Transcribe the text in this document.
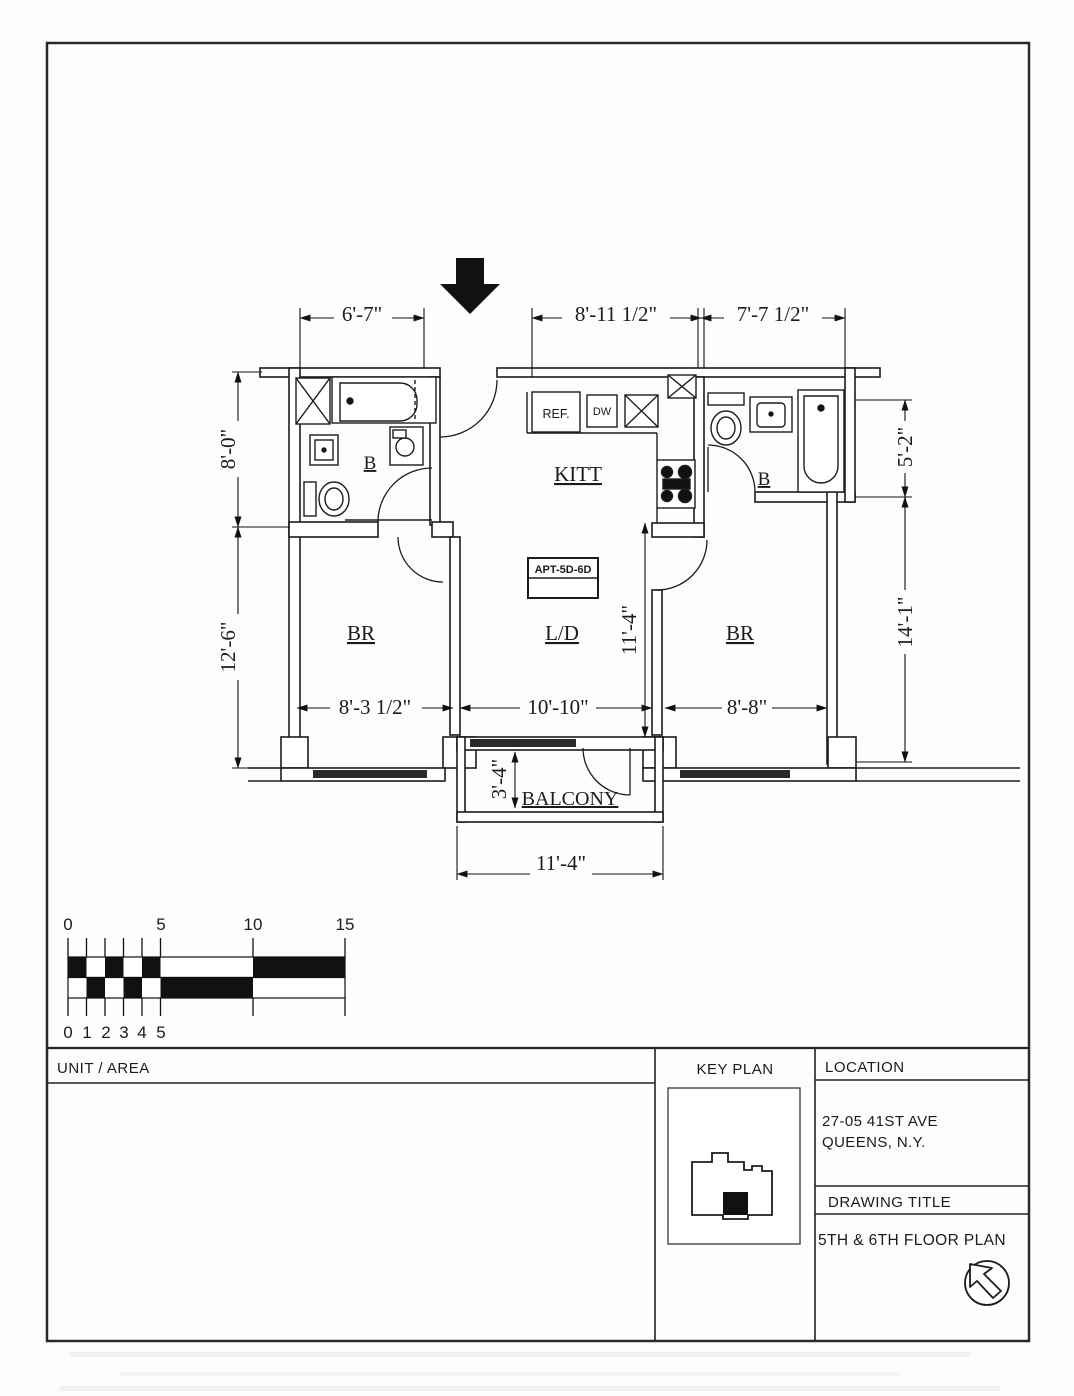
6'-7"	8'-11 1/2"	7'-7 1/2"
8'-3 1/2"	10'-10"	8'-8"
11'-4"
8'-0"
12'-6"
5'-2"
14'-1"
11'-4"
3'-4"
B
B
KITT
BR	L/D	BR
BALCONY
REF. DW
APT-5D-6D
0	5	10	15
0 1 2 3 4 5
UNIT / AREA	KEY PLAN	LOCATION
27-05 41ST AVE
QUEENS, N.Y.
DRAWING TITLE
5TH & 6TH FLOOR PLAN
